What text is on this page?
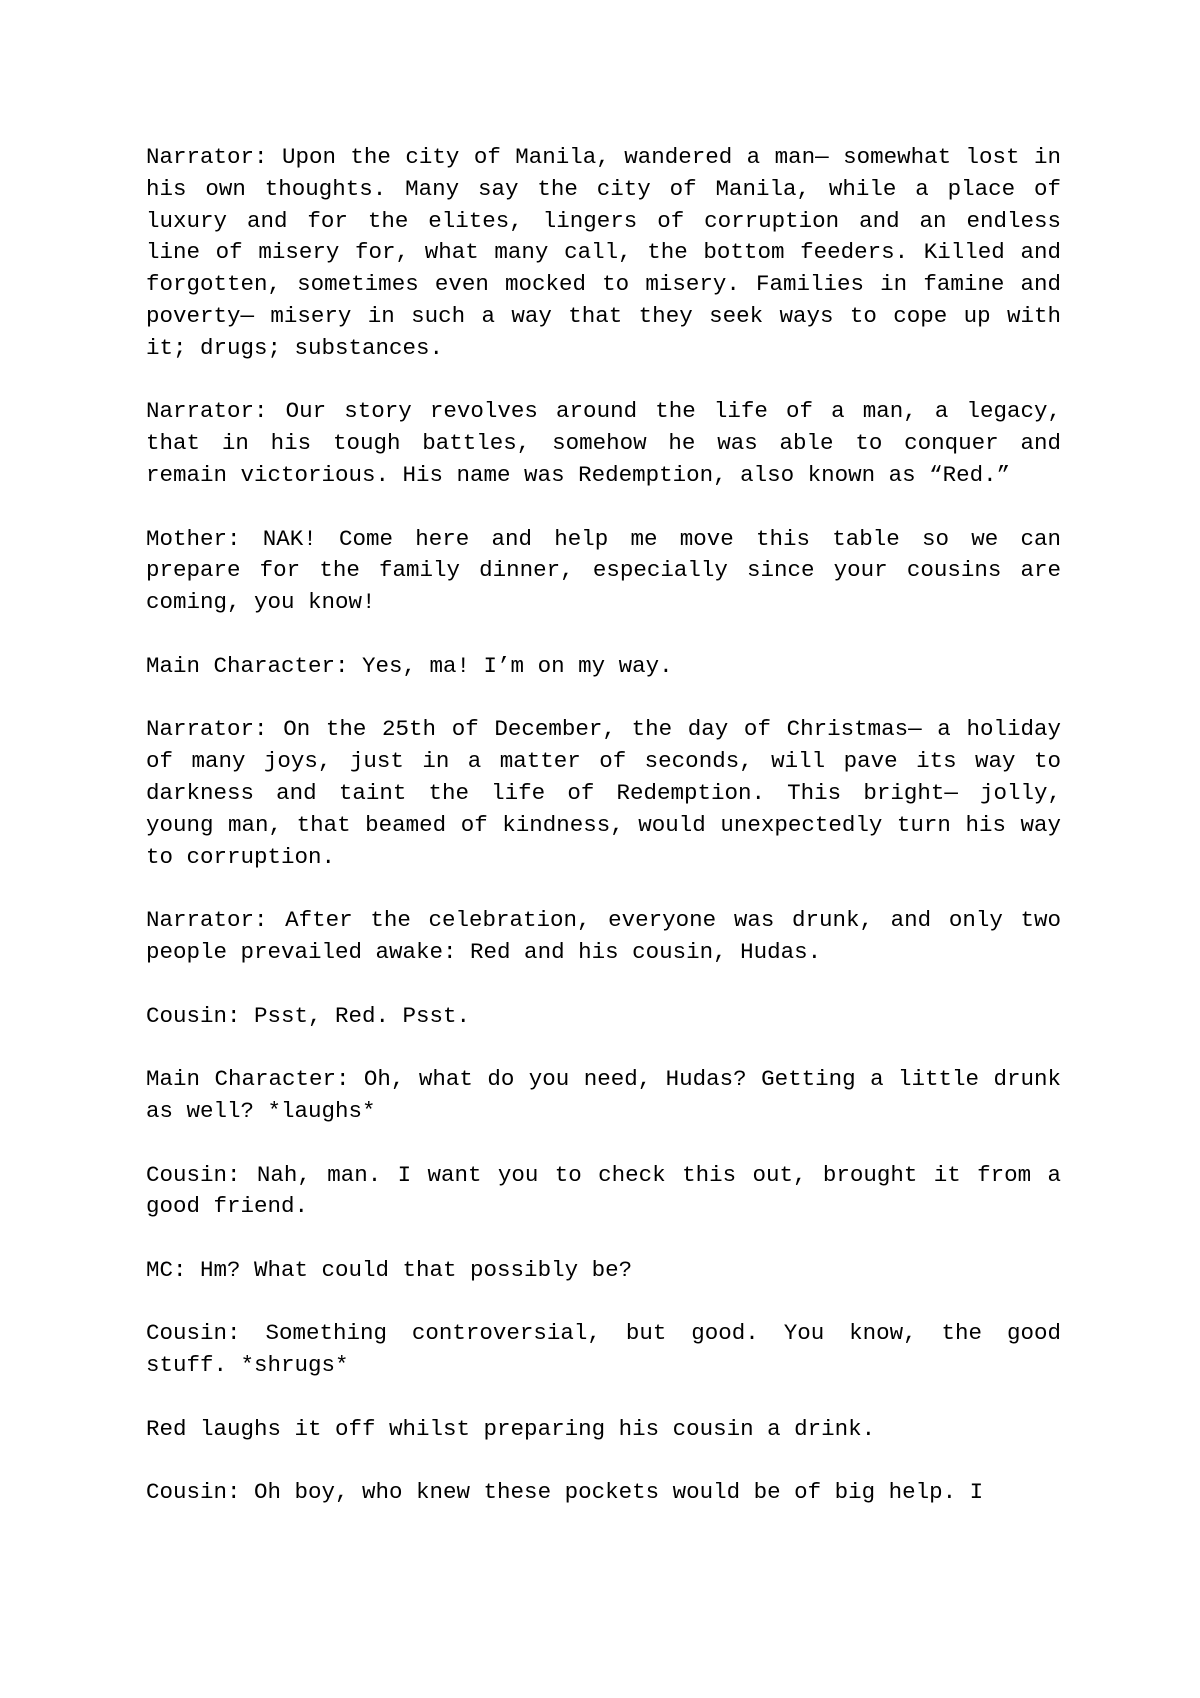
Narrator: Upon the city of Manila, wandered a man— somewhat lost in his own thoughts. Many say the city of Manila, while a place of luxury and for the elites, lingers of corruption and an endless line of misery for, what many call, the bottom feeders. Killed and forgotten, sometimes even mocked to misery. Families in famine and poverty— misery in such a way that they seek ways to cope up with it; drugs; substances.

Narrator: Our story revolves around the life of a man, a legacy, that in his tough battles, somehow he was able to conquer and remain victorious. His name was Redemption, also known as “Red.”

Mother: NAK! Come here and help me move this table so we can prepare for the family dinner, especially since your cousins are coming, you know!

Main Character: Yes, ma! I’m on my way.

Narrator: On the 25th of December, the day of Christmas— a holiday of many joys, just in a matter of seconds, will pave its way to darkness and taint the life of Redemption. This bright— jolly, young man, that beamed of kindness, would unexpectedly turn his way to corruption.

Narrator: After the celebration, everyone was drunk, and only two people prevailed awake: Red and his cousin, Hudas.

Cousin: Psst, Red. Psst.

Main Character: Oh, what do you need, Hudas? Getting a little drunk as well? *laughs*

Cousin: Nah, man. I want you to check this out, brought it from a good friend.

MC: Hm? What could that possibly be?

Cousin: Something controversial, but good. You know, the good stuff. *shrugs*

Red laughs it off whilst preparing his cousin a drink.

Cousin: Oh boy, who knew these pockets would be of big help. I
